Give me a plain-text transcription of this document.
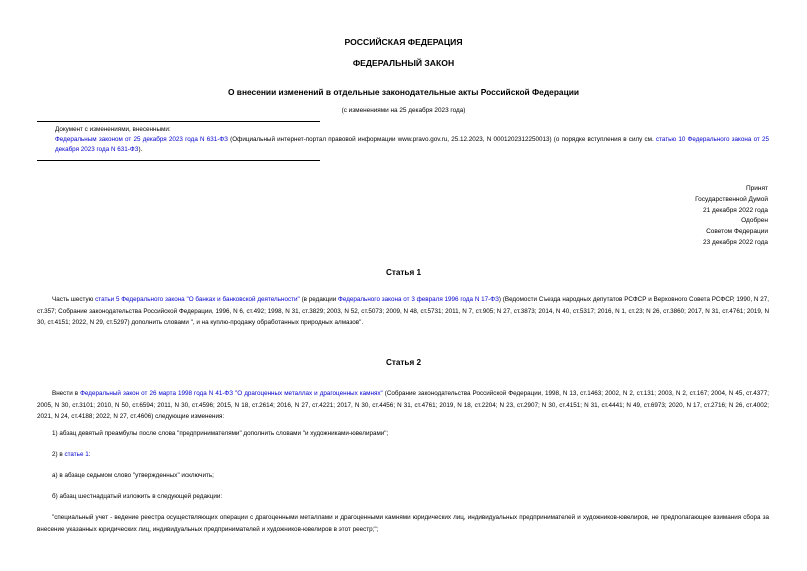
РОССИЙСКАЯ ФЕДЕРАЦИЯ
ФЕДЕРАЛЬНЫЙ ЗАКОН
О внесении изменений в отдельные законодательные акты Российской Федерации
(с изменениями на 25 декабря 2023 года)
Документ с изменениями, внесенными:
Федеральным законом от 25 декабря 2023 года N 631-ФЗ (Официальный интернет-портал правовой информации www.pravo.gov.ru, 25.12.2023, N 0001202312250013) (о порядке вступления в силу см. статью 10 Федерального закона от 25 декабря 2023 года N 631-ФЗ).
Принят
Государственной Думой
21 декабря 2022 года
Одобрен
Советом Федерации
23 декабря 2022 года
Статья 1
Часть шестую статьи 5 Федерального закона "О банках и банковской деятельности" (в редакции Федерального закона от 3 февраля 1996 года N 17-ФЗ) (Ведомости Съезда народных депутатов РСФСР и Верховного Совета РСФСР, 1990, N 27, ст.357; Собрание законодательства Российской Федерации, 1996, N 6, ст.492; 1998, N 31, ст.3829; 2003, N 52, ст.5073; 2009, N 48, ст.5731; 2011, N 7, ст.905; N 27, ст.3873; 2014, N 40, ст.5317; 2016, N 1, ст.23; N 26, ст.3860; 2017, N 31, ст.4761; 2019, N 30, ст.4151; 2022, N 29, ст.5297) дополнить словами ", и на куплю-продажу обработанных природных алмазов".
Статья 2
Внести в Федеральный закон от 26 марта 1998 года N 41-ФЗ "О драгоценных металлах и драгоценных камнях" (Собрание законодательства Российской Федерации, 1998, N 13, ст.1463; 2002, N 2, ст.131; 2003, N 2, ст.167; 2004, N 45, ст.4377; 2005, N 30, ст.3101; 2010, N 50, ст.6594; 2011, N 30, ст.4596; 2015, N 18, ст.2614; 2016, N 27, ст.4221; 2017, N 30, ст.4456; N 31, ст.4761; 2019, N 18, ст.2204; N 23, ст.2907; N 30, ст.4151; N 31, ст.4441; N 49, ст.6973; 2020, N 17, ст.2716; N 26, ст.4002; 2021, N 24, ст.4188; 2022, N 27, ст.4606) следующие изменения:
1) абзац девятый преамбулы после слова "предпринимателями" дополнить словами "и художниками-ювелирами";
2) в статье 1:
а) в абзаце седьмом слово "утвержденных" исключить;
б) абзац шестнадцатый изложить в следующей редакции:
"специальный учет - ведение реестра осуществляющих операции с драгоценными металлами и драгоценными камнями юридических лиц, индивидуальных предпринимателей и художников-ювелиров, не предполагающее взимания сбора за внесение указанных юридических лиц, индивидуальных предпринимателей и художников-ювелиров в этот реестр;";
